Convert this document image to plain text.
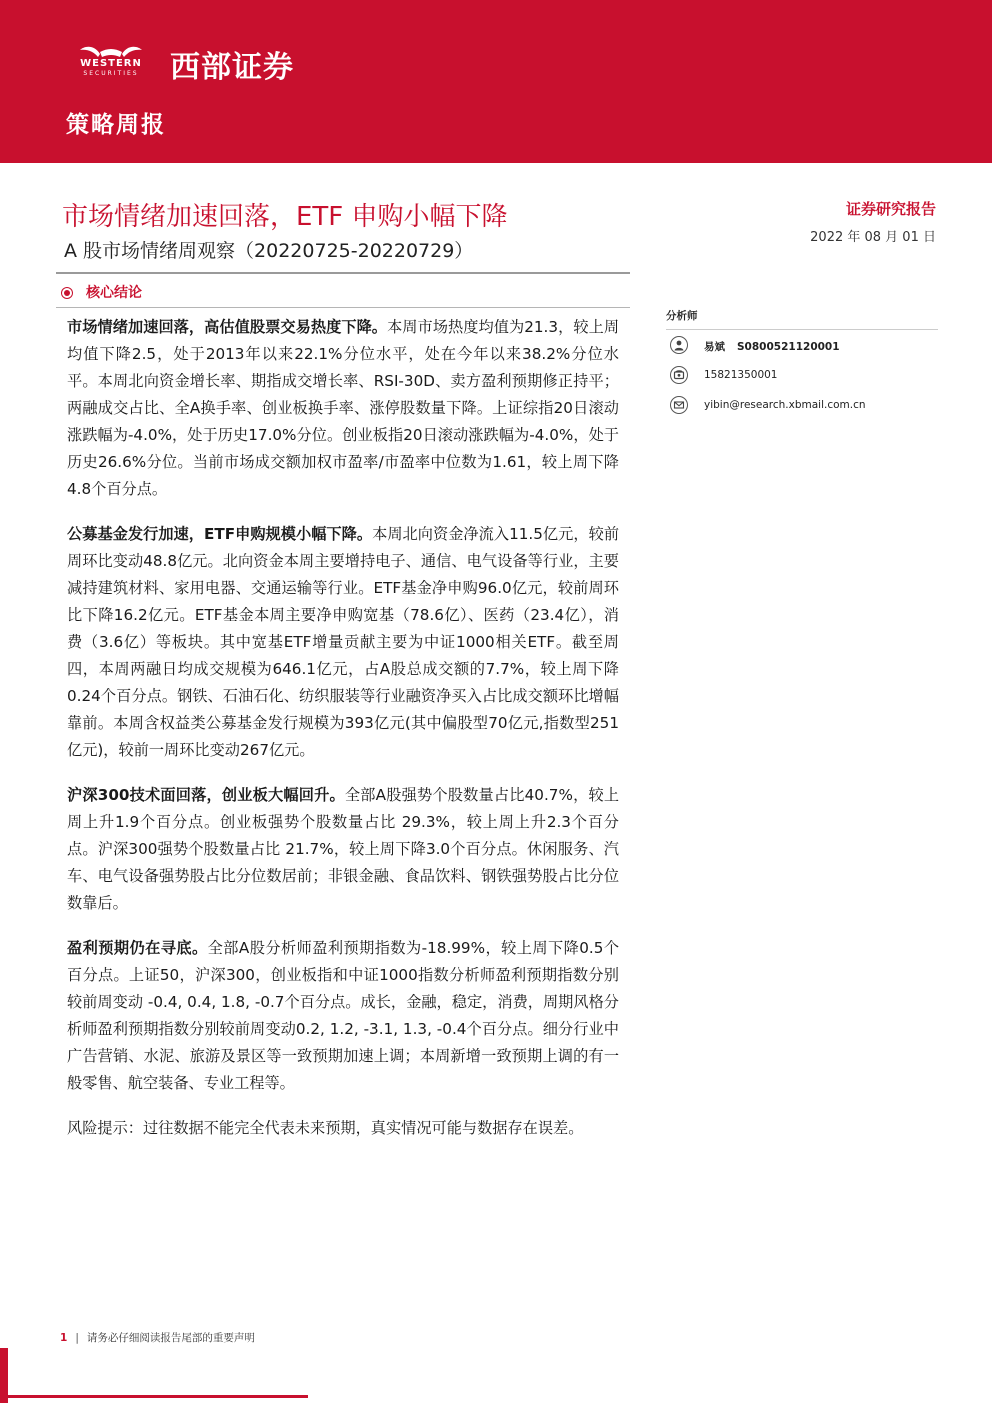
WESTERN
SECURITIES	西部证券
策略周报
市场情绪加速回落，ETF 申购小幅下降
A 股市场情绪周观察（20220725-20220729）
证券研究报告
2022 年 08 月 01 日
核心结论

市场情绪加速回落，高估值股票交易热度下降。本周市场热度均值为21.3，较上周均值下降2.5，处于2013年以来22.1%分位水平，处在今年以来38.2%分位水平。本周北向资金增长率、期指成交增长率、RSI-30D、卖方盈利预期修正持平；两融成交占比、全A换手率、创业板换手率、涨停股数量下降。上证综指20日滚动涨跌幅为-4.0%，处于历史17.0%分位。创业板指20日滚动涨跌幅为-4.0%，处于历史26.6%分位。当前市场成交额加权市盈率/市盈率中位数为1.61，较上周下降4.8个百分点。

公募基金发行加速，ETF申购规模小幅下降。本周北向资金净流入11.5亿元，较前周环比变动48.8亿元。北向资金本周主要增持电子、通信、电气设备等行业，主要减持建筑材料、家用电器、交通运输等行业。ETF基金净申购96.0亿元，较前周环比下降16.2亿元。ETF基金本周主要净申购宽基（78.6亿）、医药（23.4亿），消费（3.6亿）等板块。其中宽基ETF增量贡献主要为中证1000相关ETF。截至周四，本周两融日均成交规模为646.1亿元，占A股总成交额的7.7%，较上周下降0.24个百分点。钢铁、石油石化、纺织服装等行业融资净买入占比成交额环比增幅靠前。本周含权益类公募基金发行规模为393亿元(其中偏股型70亿元,指数型251亿元)，较前一周环比变动267亿元。

沪深300技术面回落，创业板大幅回升。全部A股强势个股数量占比40.7%，较上周上升1.9个百分点。创业板强势个股数量占比 29.3%，较上周上升2.3个百分点。沪深300强势个股数量占比 21.7%，较上周下降3.0个百分点。休闲服务、汽车、电气设备强势股占比分位数居前；非银金融、食品饮料、钢铁强势股占比分位数靠后。

盈利预期仍在寻底。全部A股分析师盈利预期指数为-18.99%，较上周下降0.5个百分点。上证50，沪深300，创业板指和中证1000指数分析师盈利预期指数分别较前周变动 -0.4, 0.4, 1.8, -0.7个百分点。成长，金融，稳定，消费，周期风格分析师盈利预期指数分别较前周变动0.2, 1.2, -3.1, 1.3, -0.4个百分点。细分行业中广告营销、水泥、旅游及景区等一致预期加速上调；本周新增一致预期上调的有一般零售、航空装备、专业工程等。

风险提示：过往数据不能完全代表未来预期，真实情况可能与数据存在误差。

分析师
易斌 S0800521120001
15821350001
yibin@research.xbmail.com.cn
1 | 请务必仔细阅读报告尾部的重要声明
